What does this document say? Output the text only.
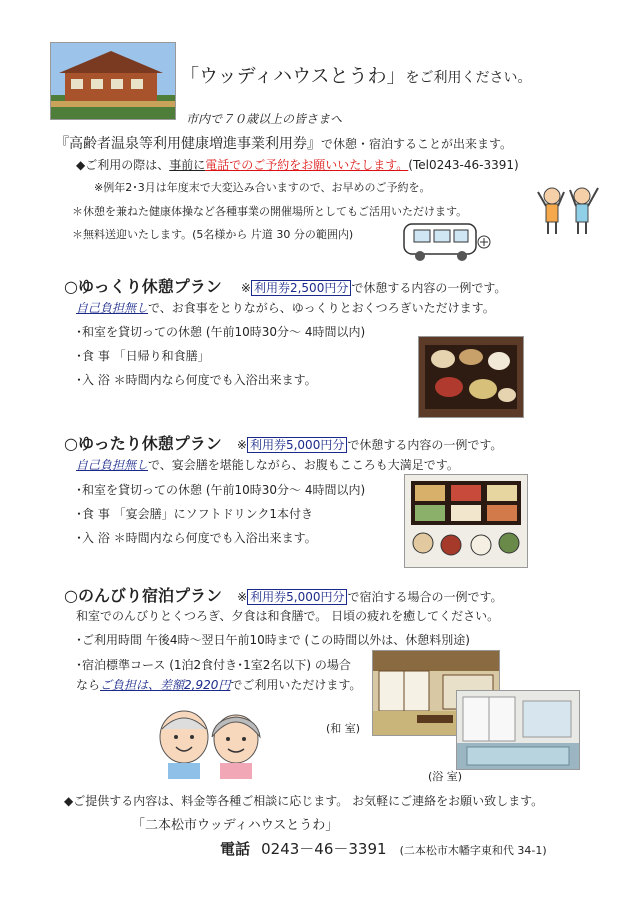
「ウッディハウスとうわ」をご利用ください。
市内で７０歳以上の皆さまへ
『高齢者温泉等利用健康増進事業利用券』で休憩・宿泊することが出来ます。
◆ご利用の際は、事前に電話でのご予約をお願いいたします。(Tel0243-46-3391)
※例年2･3月は年度末で大変込み合いますので、お早めのご予約を。
＊休憩を兼ねた健康体操など各種事業の開催場所としてもご活用いただけます。
＊無料送迎いたします。(5名様から 片道 30 分の範囲内)
○ゆっくり休憩プラン ※ 利用券2,500円分 で休憩する内容の一例です。
自己負担無しで、お食事をとりながら、ゆっくりとおくつろぎいただけます。
･和室を貸切っての休憩 (午前10時30分～ 4時間以内)
･食 事 「日帰り和食膳」
･入 浴 ＊時間内なら何度でも入浴出来ます。
○ゆったり休憩プラン ※ 利用券5,000円分 で休憩する内容の一例です。
自己負担無しで、宴会膳を堪能しながら、お腹もこころも大満足です。
･和室を貸切っての休憩 (午前10時30分～ 4時間以内)
･食 事 「宴会膳」にソフトドリンク1本付き
･入 浴 ＊時間内なら何度でも入浴出来ます。
○のんびり宿泊プラン ※ 利用券5,000円分 で宿泊する場合の一例です。
和室でのんびりとくつろぎ、夕食は和食膳で。 日頃の疲れを癒してください。
･ご利用時間 午後4時～翌日午前10時まで (この時間以外は、休憩料別途)
･宿泊標準コース (1泊2食付き･1室2名以下) の場合
ならご負担は、差額2,920円でご利用いただけます。
(和 室)
(浴 室)
◆ご提供する内容は、料金等各種ご相談に応じます。 お気軽にご連絡をお願い致します。
「二本松市ウッディハウスとうわ」
電話 0243－46－3391 (二本松市木幡字東和代 34-1)
